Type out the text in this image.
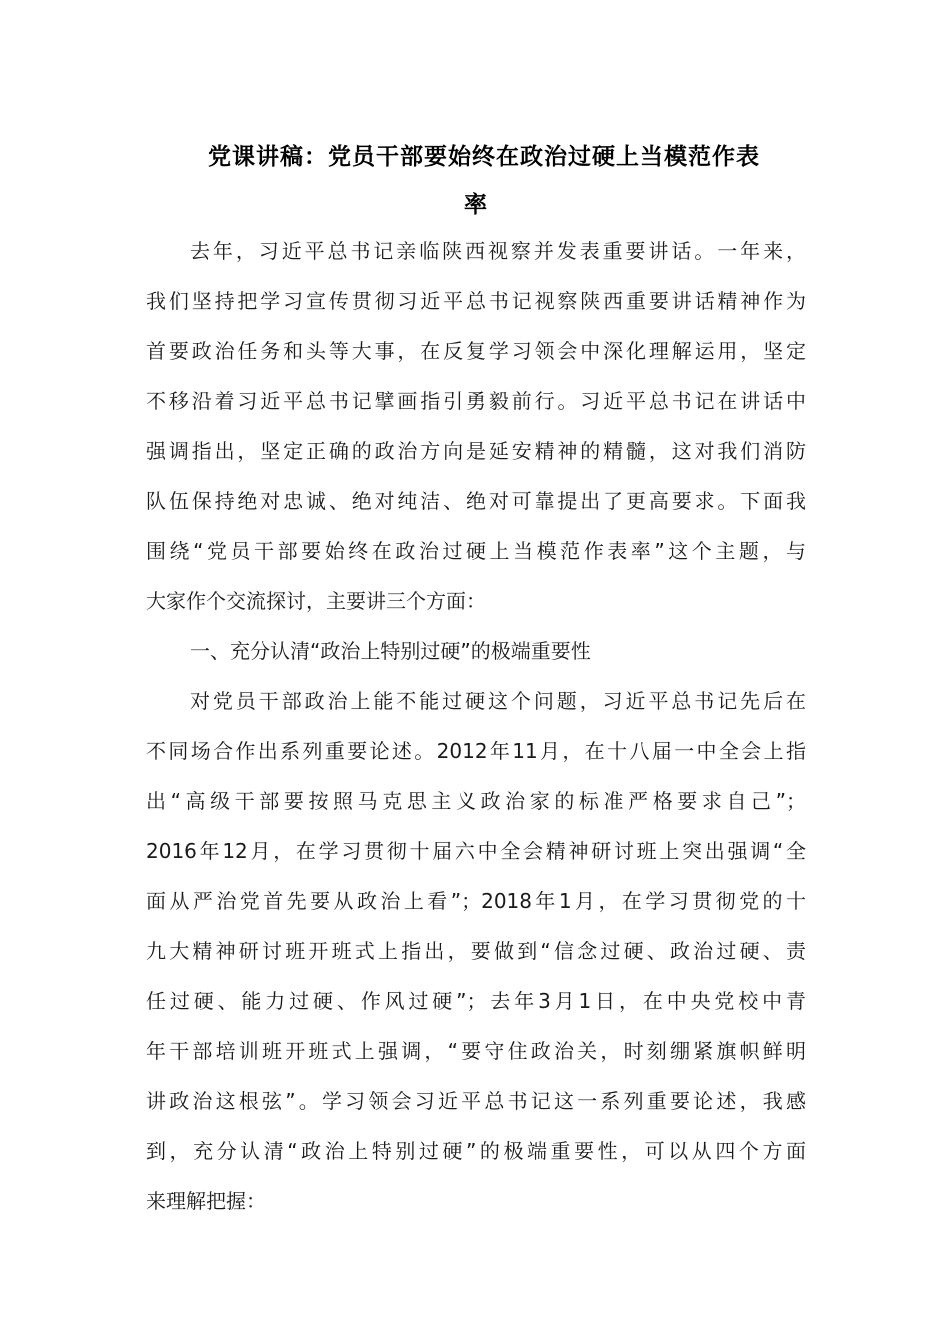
党课讲稿：党员干部要始终在政治过硬上当模范作表
率
去年，习近平总书记亲临陕西视察并发表重要讲话。一年来，
我们坚持把学习宣传贯彻习近平总书记视察陕西重要讲话精神作为
首要政治任务和头等大事，在反复学习领会中深化理解运用，坚定
不移沿着习近平总书记擘画指引勇毅前行。习近平总书记在讲话中
强调指出，坚定正确的政治方向是延安精神的精髓，这对我们消防
队伍保持绝对忠诚、绝对纯洁、绝对可靠提出了更高要求。下面我
围绕“党员干部要始终在政治过硬上当模范作表率”这个主题，与
大家作个交流探讨，主要讲三个方面：
一、充分认清“政治上特别过硬”的极端重要性
对党员干部政治上能不能过硬这个问题，习近平总书记先后在
不同场合作出系列重要论述。2012年11月，在十八届一中全会上指
出“高级干部要按照马克思主义政治家的标准严格要求自己”；
2016年12月，在学习贯彻十届六中全会精神研讨班上突出强调“全
面从严治党首先要从政治上看”；2018年1月，在学习贯彻党的十
九大精神研讨班开班式上指出，要做到“信念过硬、政治过硬、责
任过硬、能力过硬、作风过硬”；去年3月1日，在中央党校中青
年干部培训班开班式上强调，“要守住政治关，时刻绷紧旗帜鲜明
讲政治这根弦”。学习领会习近平总书记这一系列重要论述，我感
到，充分认清“政治上特别过硬”的极端重要性，可以从四个方面
来理解把握：
